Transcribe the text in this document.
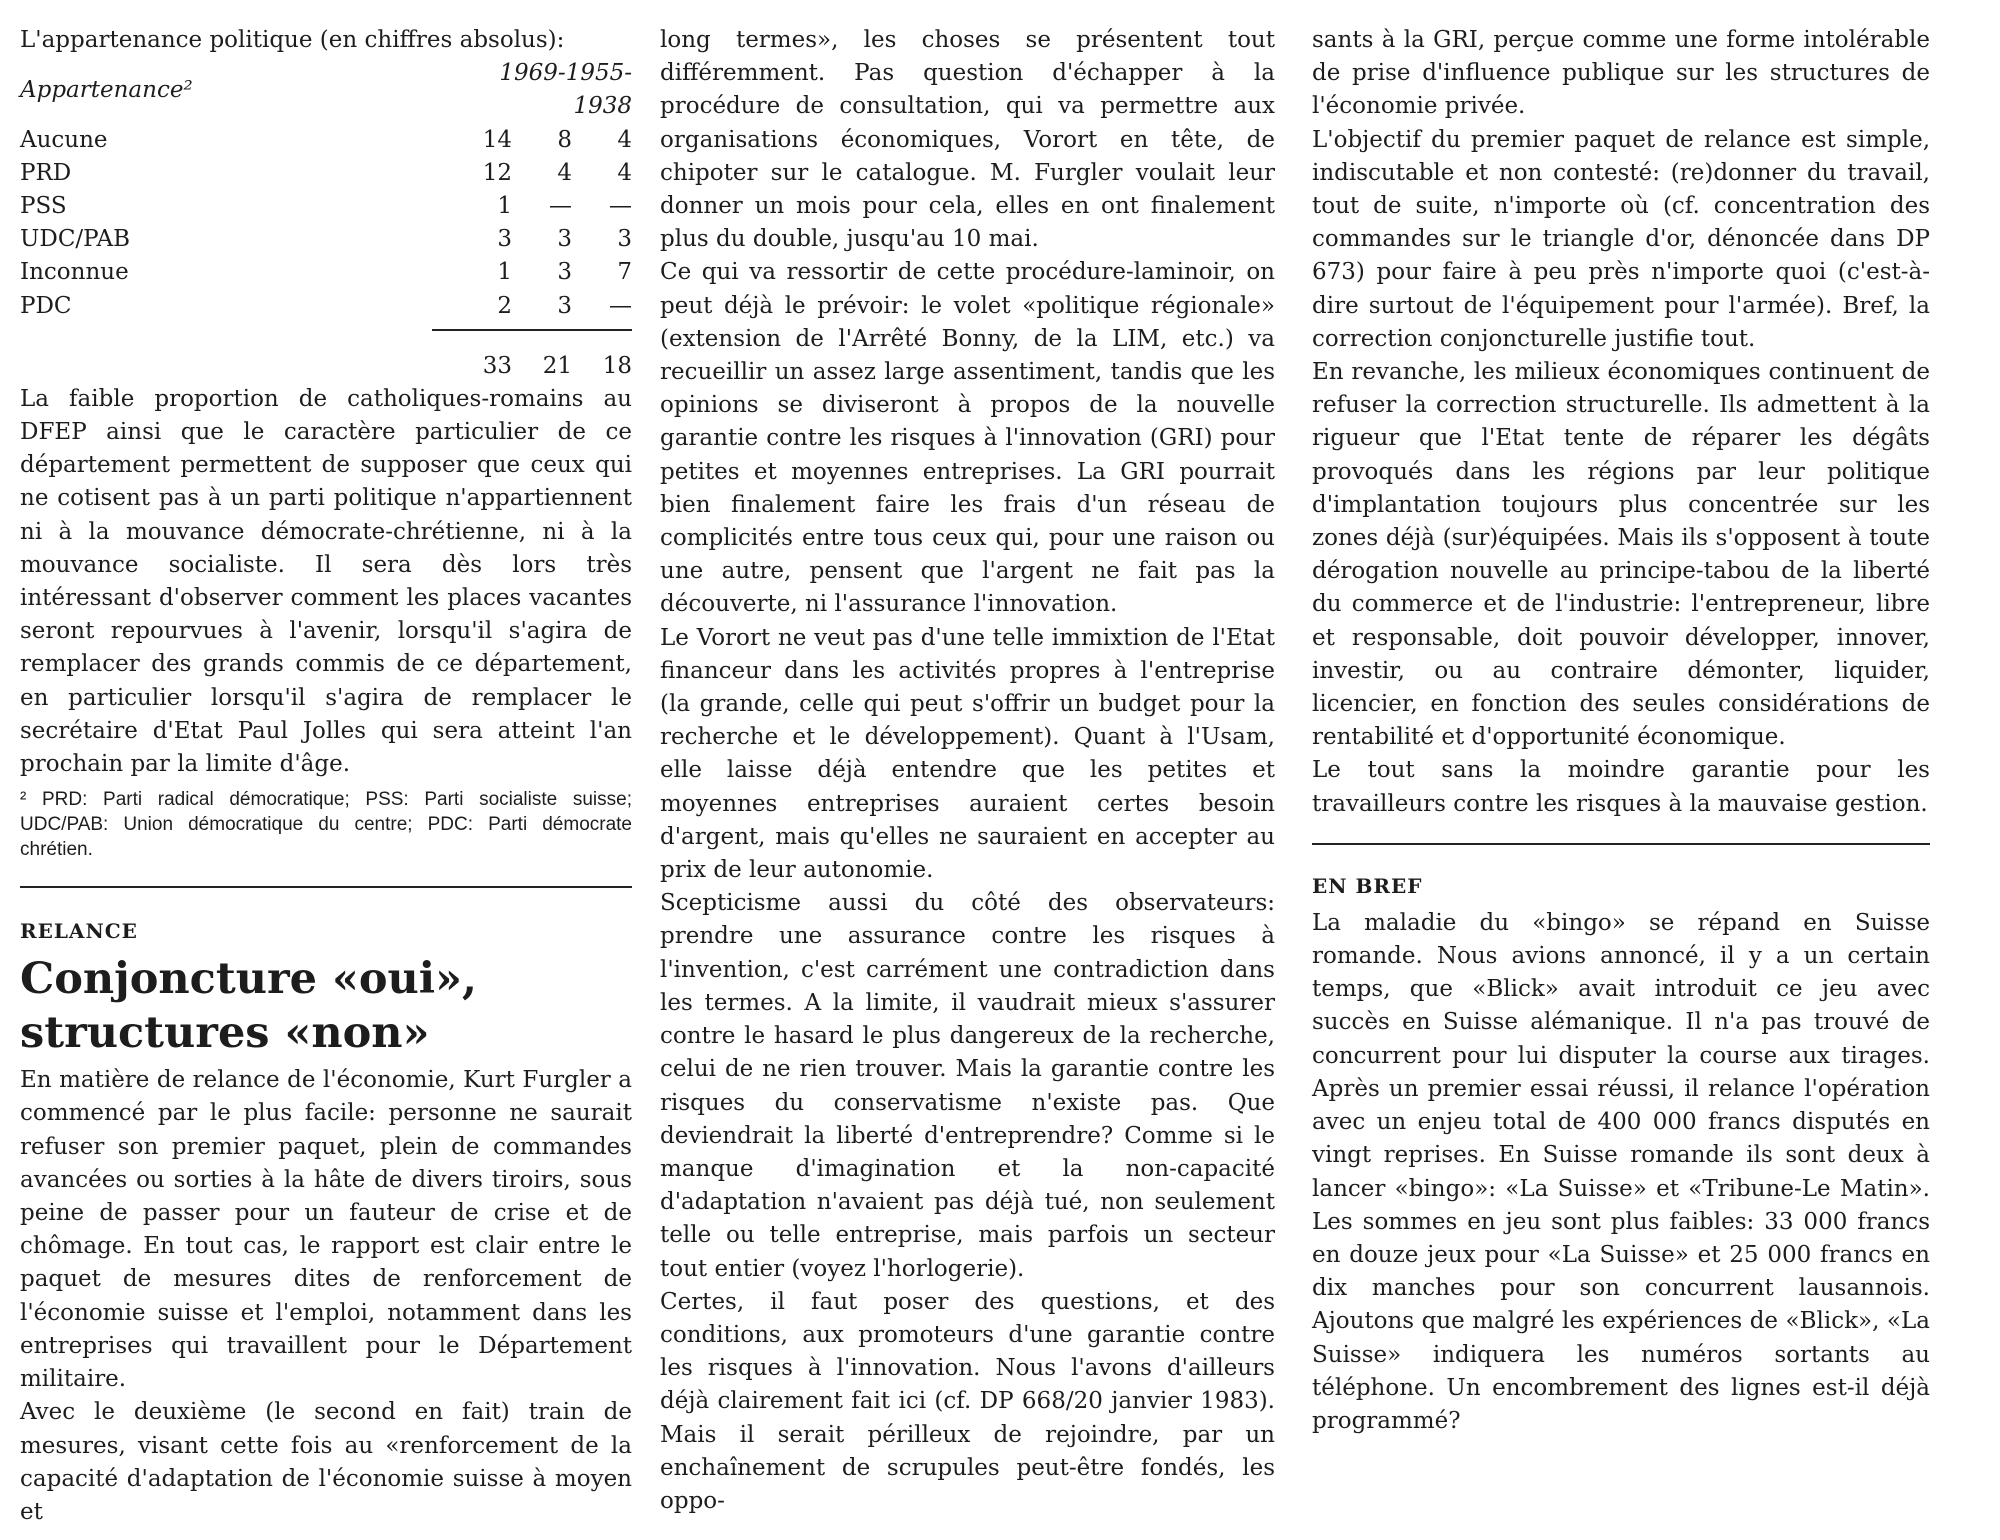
L'appartenance politique (en chiffres absolus):

Appartenance²	1969-1955-1938		
Aucune	14	8	4
PRD	12	4	4
PSS	1	—	—
UDC/PAB	3	3	3
Inconnue	1	3	7
PDC	2	3	—

	33	21	18

La faible proportion de catholiques-romains au DFEP ainsi que le caractère particulier de ce département permettent de supposer que ceux qui ne cotisent pas à un parti politique n'appartiennent ni à la mouvance démocrate-chrétienne, ni à la mouvance socialiste. Il sera dès lors très intéressant d'observer comment les places vacantes seront repourvues à l'avenir, lorsqu'il s'agira de remplacer des grands commis de ce département, en particulier lorsqu'il s'agira de remplacer le secrétaire d'Etat Paul Jolles qui sera atteint l'an prochain par la limite d'âge.

² PRD: Parti radical démocratique; PSS: Parti socialiste suisse; UDC/PAB: Union démocratique du centre; PDC: Parti démocrate chrétien.

RELANCE
Conjoncture «oui»,
structures «non»

En matière de relance de l'économie, Kurt Furgler a commencé par le plus facile: personne ne saurait refuser son premier paquet, plein de commandes avancées ou sorties à la hâte de divers tiroirs, sous peine de passer pour un fauteur de crise et de chômage. En tout cas, le rapport est clair entre le paquet de mesures dites de renforcement de l'économie suisse et l'emploi, notamment dans les entreprises qui travaillent pour le Département militaire.

Avec le deuxième (le second en fait) train de mesures, visant cette fois au «renforcement de la capacité d'adaptation de l'économie suisse à moyen et

long termes», les choses se présentent tout différemment. Pas question d'échapper à la procédure de consultation, qui va permettre aux organisations économiques, Vorort en tête, de chipoter sur le catalogue. M. Furgler voulait leur donner un mois pour cela, elles en ont finalement plus du double, jusqu'au 10 mai.

Ce qui va ressortir de cette procédure-laminoir, on peut déjà le prévoir: le volet «politique régionale» (extension de l'Arrêté Bonny, de la LIM, etc.) va recueillir un assez large assentiment, tandis que les opinions se diviseront à propos de la nouvelle garantie contre les risques à l'innovation (GRI) pour petites et moyennes entreprises. La GRI pourrait bien finalement faire les frais d'un réseau de complicités entre tous ceux qui, pour une raison ou une autre, pensent que l'argent ne fait pas la découverte, ni l'assurance l'innovation.

Le Vorort ne veut pas d'une telle immixtion de l'Etat financeur dans les activités propres à l'entreprise (la grande, celle qui peut s'offrir un budget pour la recherche et le développement). Quant à l'Usam, elle laisse déjà entendre que les petites et moyennes entreprises auraient certes besoin d'argent, mais qu'elles ne sauraient en accepter au prix de leur autonomie.

Scepticisme aussi du côté des observateurs: prendre une assurance contre les risques à l'invention, c'est carrément une contradiction dans les termes. A la limite, il vaudrait mieux s'assurer contre le hasard le plus dangereux de la recherche, celui de ne rien trouver. Mais la garantie contre les risques du conservatisme n'existe pas. Que deviendrait la liberté d'entreprendre? Comme si le manque d'imagination et la non-capacité d'adaptation n'avaient pas déjà tué, non seulement telle ou telle entreprise, mais parfois un secteur tout entier (voyez l'horlogerie).

Certes, il faut poser des questions, et des conditions, aux promoteurs d'une garantie contre les risques à l'innovation. Nous l'avons d'ailleurs déjà clairement fait ici (cf. DP 668/20 janvier 1983). Mais il serait périlleux de rejoindre, par un enchaînement de scrupules peut-être fondés, les oppo-

sants à la GRI, perçue comme une forme intolérable de prise d'influence publique sur les structures de l'économie privée.

L'objectif du premier paquet de relance est simple, indiscutable et non contesté: (re)donner du travail, tout de suite, n'importe où (cf. concentration des commandes sur le triangle d'or, dénoncée dans DP 673) pour faire à peu près n'importe quoi (c'est-à-dire surtout de l'équipement pour l'armée). Bref, la correction conjoncturelle justifie tout.

En revanche, les milieux économiques continuent de refuser la correction structurelle. Ils admettent à la rigueur que l'Etat tente de réparer les dégâts provoqués dans les régions par leur politique d'implantation toujours plus concentrée sur les zones déjà (sur)équipées. Mais ils s'opposent à toute dérogation nouvelle au principe-tabou de la liberté du commerce et de l'industrie: l'entrepreneur, libre et responsable, doit pouvoir développer, innover, investir, ou au contraire démonter, liquider, licencier, en fonction des seules considérations de rentabilité et d'opportunité économique.

Le tout sans la moindre garantie pour les travailleurs contre les risques à la mauvaise gestion.

EN BREF

La maladie du «bingo» se répand en Suisse romande. Nous avions annoncé, il y a un certain temps, que «Blick» avait introduit ce jeu avec succès en Suisse alémanique. Il n'a pas trouvé de concurrent pour lui disputer la course aux tirages. Après un premier essai réussi, il relance l'opération avec un enjeu total de 400 000 francs disputés en vingt reprises. En Suisse romande ils sont deux à lancer «bingo»: «La Suisse» et «Tribune-Le Matin». Les sommes en jeu sont plus faibles: 33 000 francs en douze jeux pour «La Suisse» et 25 000 francs en dix manches pour son concurrent lausannois. Ajoutons que malgré les expériences de «Blick», «La Suisse» indiquera les numéros sortants au téléphone. Un encombrement des lignes est-il déjà programmé?
